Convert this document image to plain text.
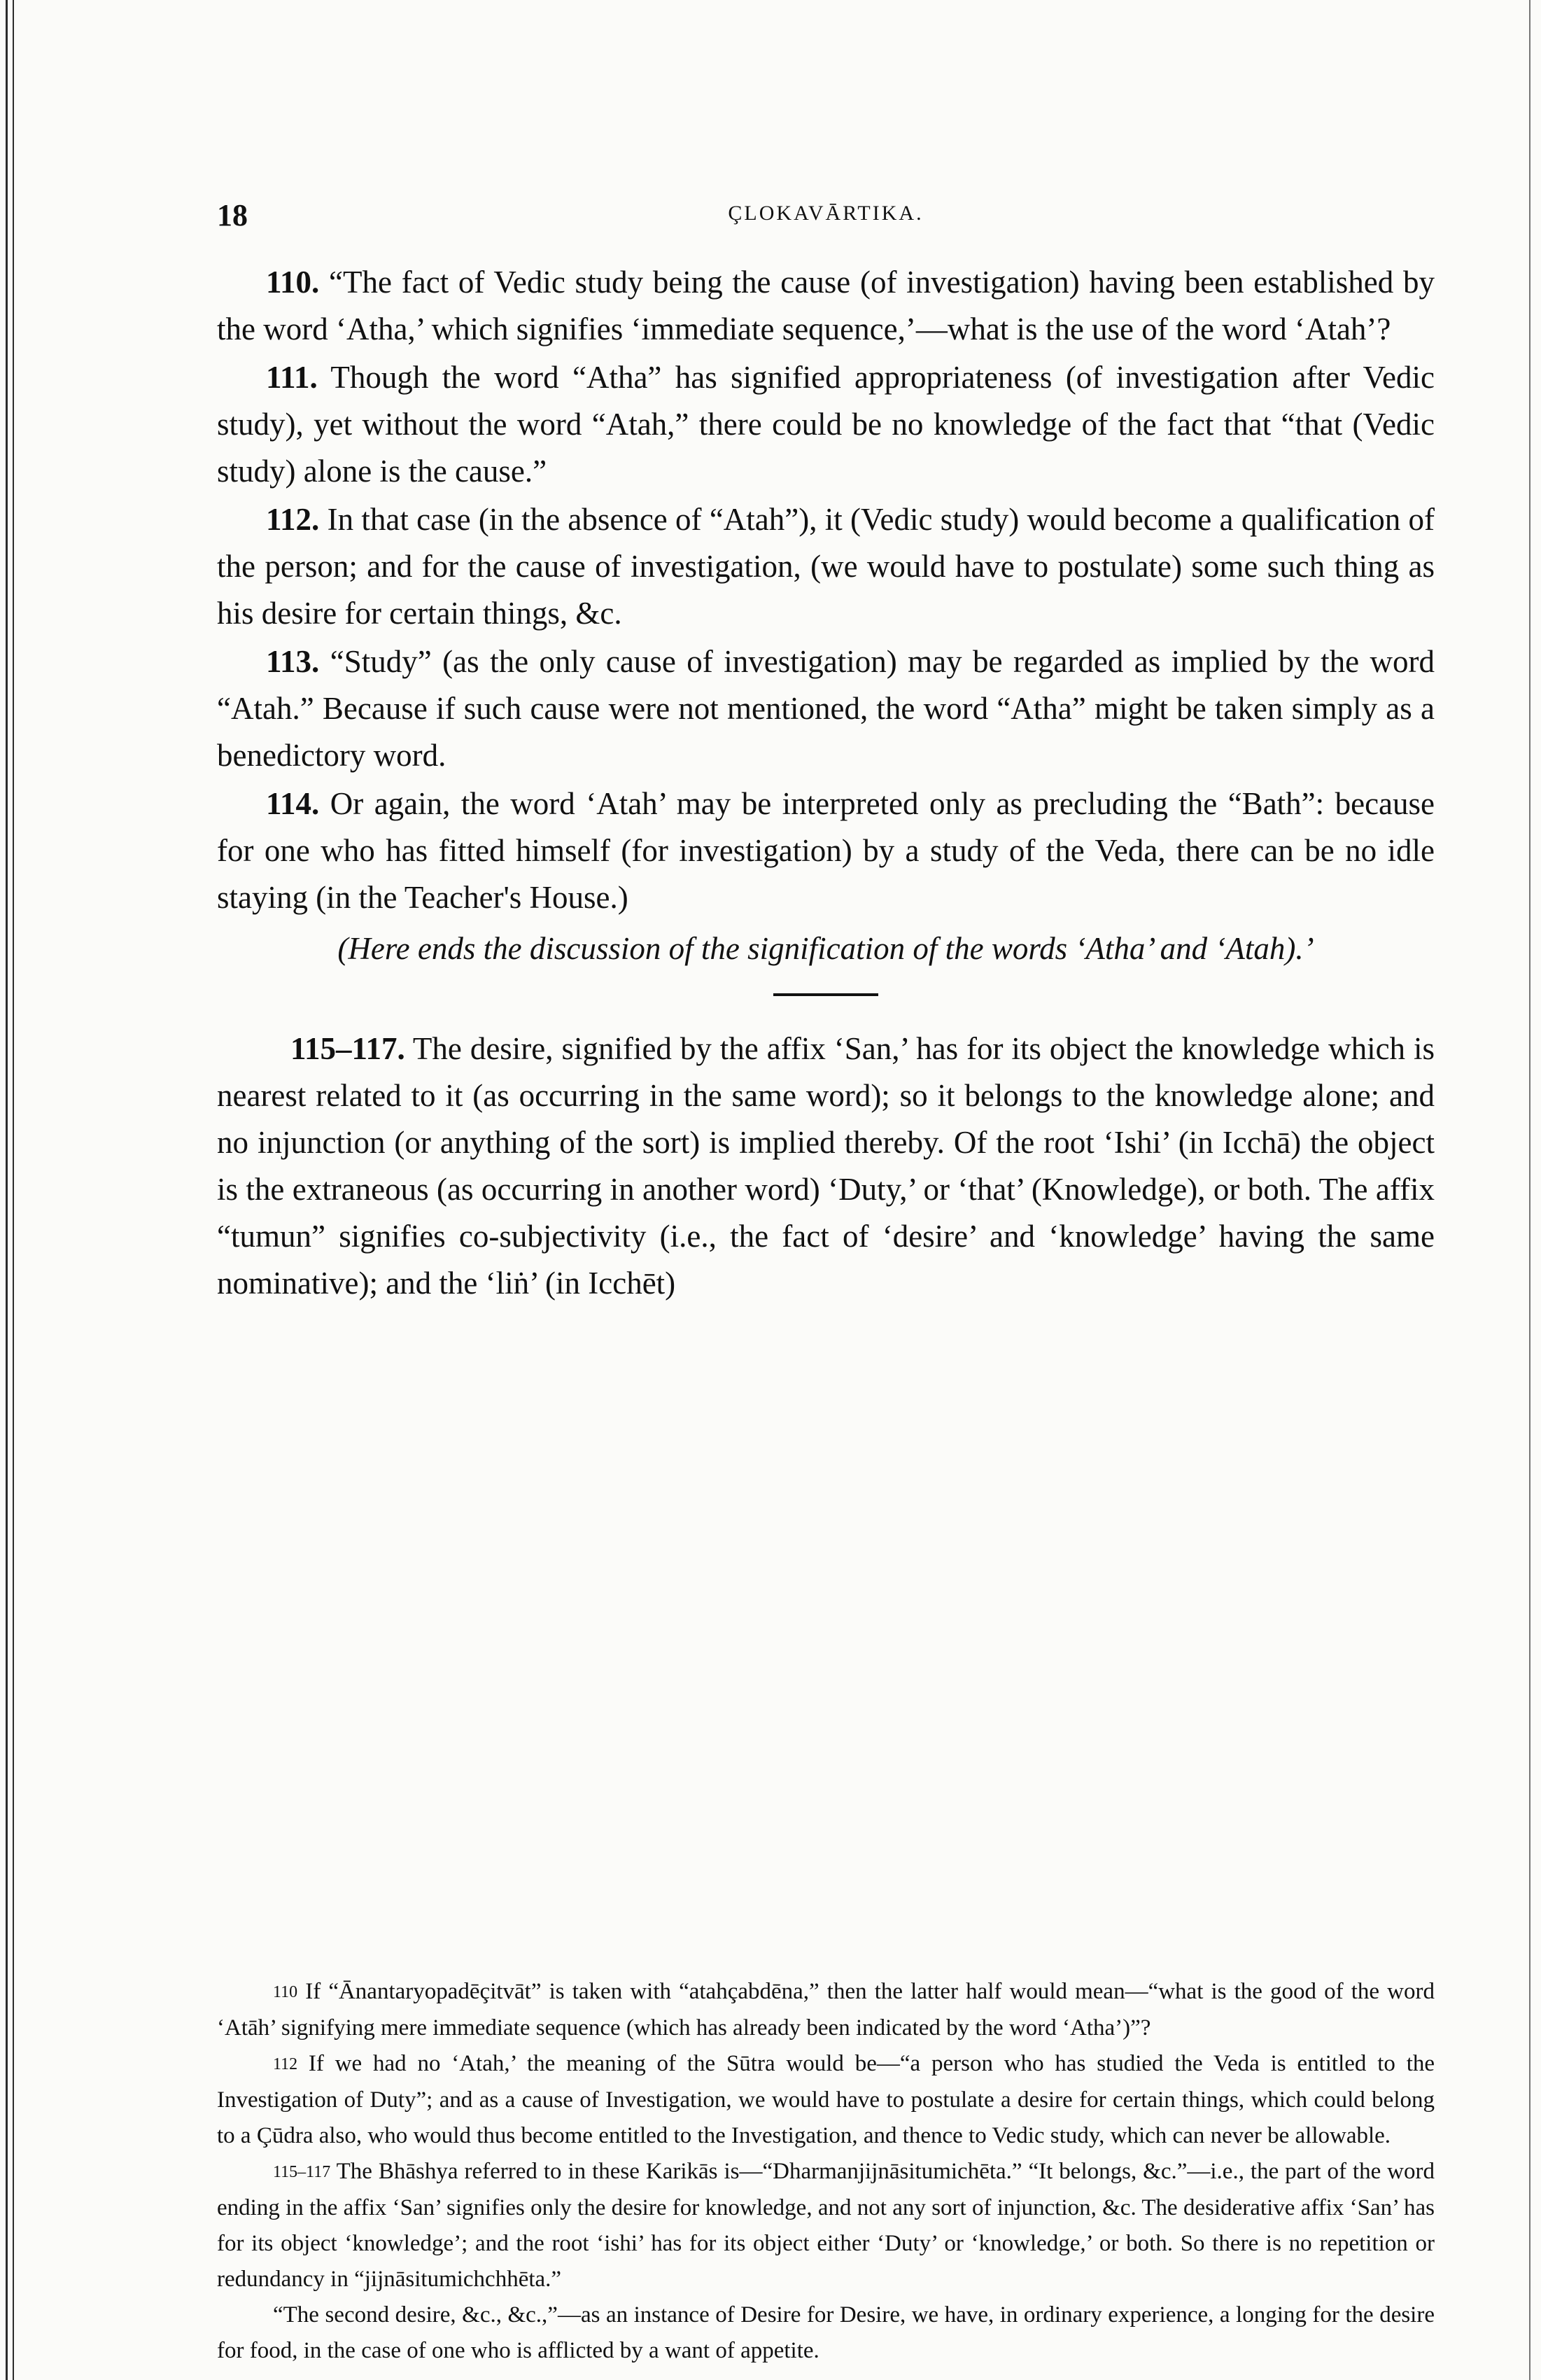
18	ÇLOKAVĀRTIKA.

110. “The fact of Vedic study being the cause (of investigation) having been established by the word ‘Atha,’ which signifies ‘immediate sequence,’—what is the use of the word ‘Atah’?

111. Though the word “Atha” has signified appropriateness (of investigation after Vedic study), yet without the word “Atah,” there could be no knowledge of the fact that “that (Vedic study) alone is the cause.”

112. In that case (in the absence of “Atah”), it (Vedic study) would become a qualification of the person; and for the cause of investigation, (we would have to postulate) some such thing as his desire for certain things, &c.

113. “Study” (as the only cause of investigation) may be regarded as implied by the word “Atah.” Because if such cause were not mentioned, the word “Atha” might be taken simply as a benedictory word.

114. Or again, the word ‘Atah’ may be interpreted only as precluding the “Bath”: because for one who has fitted himself (for investigation) by a study of the Veda, there can be no idle staying (in the Teacher's House.)

(Here ends the discussion of the signification of the words ‘Atha’ and ‘Atah).’

115–117. The desire, signified by the affix ‘San,’ has for its object the knowledge which is nearest related to it (as occurring in the same word); so it belongs to the knowledge alone; and no injunction (or anything of the sort) is implied thereby. Of the root ‘Ishi’ (in Icchā) the object is the extraneous (as occurring in another word) ‘Duty,’ or ‘that’ (Knowledge), or both. The affix “tumun” signifies co-subjectivity (i.e., the fact of ‘desire’ and ‘knowledge’ having the same nominative); and the ‘liṅ’ (in Icchēt)

110 If “Ānantaryopadēçitvāt” is taken with “atahçabdēna,” then the latter half would mean—“what is the good of the word ‘Atāh’ signifying mere immediate sequence (which has already been indicated by the word ‘Atha’)”?

112 If we had no ‘Atah,’ the meaning of the Sūtra would be—“a person who has studied the Veda is entitled to the Investigation of Duty”; and as a cause of Investigation, we would have to postulate a desire for certain things, which could belong to a Çūdra also, who would thus become entitled to the Investigation, and thence to Vedic study, which can never be allowable.

115–117 The Bhāshya referred to in these Karikās is—“Dharmanjijnāsitumichēta.” “It belongs, &c.”—i.e., the part of the word ending in the affix ‘San’ signifies only the desire for knowledge, and not any sort of injunction, &c. The desiderative affix ‘San’ has for its object ‘knowledge’; and the root ‘ishi’ has for its object either ‘Duty’ or ‘knowledge,’ or both. So there is no repetition or redundancy in “jijnāsitumichchhēta.”

“The second desire, &c., &c.,”—as an instance of Desire for Desire, we have, in ordinary experience, a longing for the desire for food, in the case of one who is afflicted by a want of appetite.
